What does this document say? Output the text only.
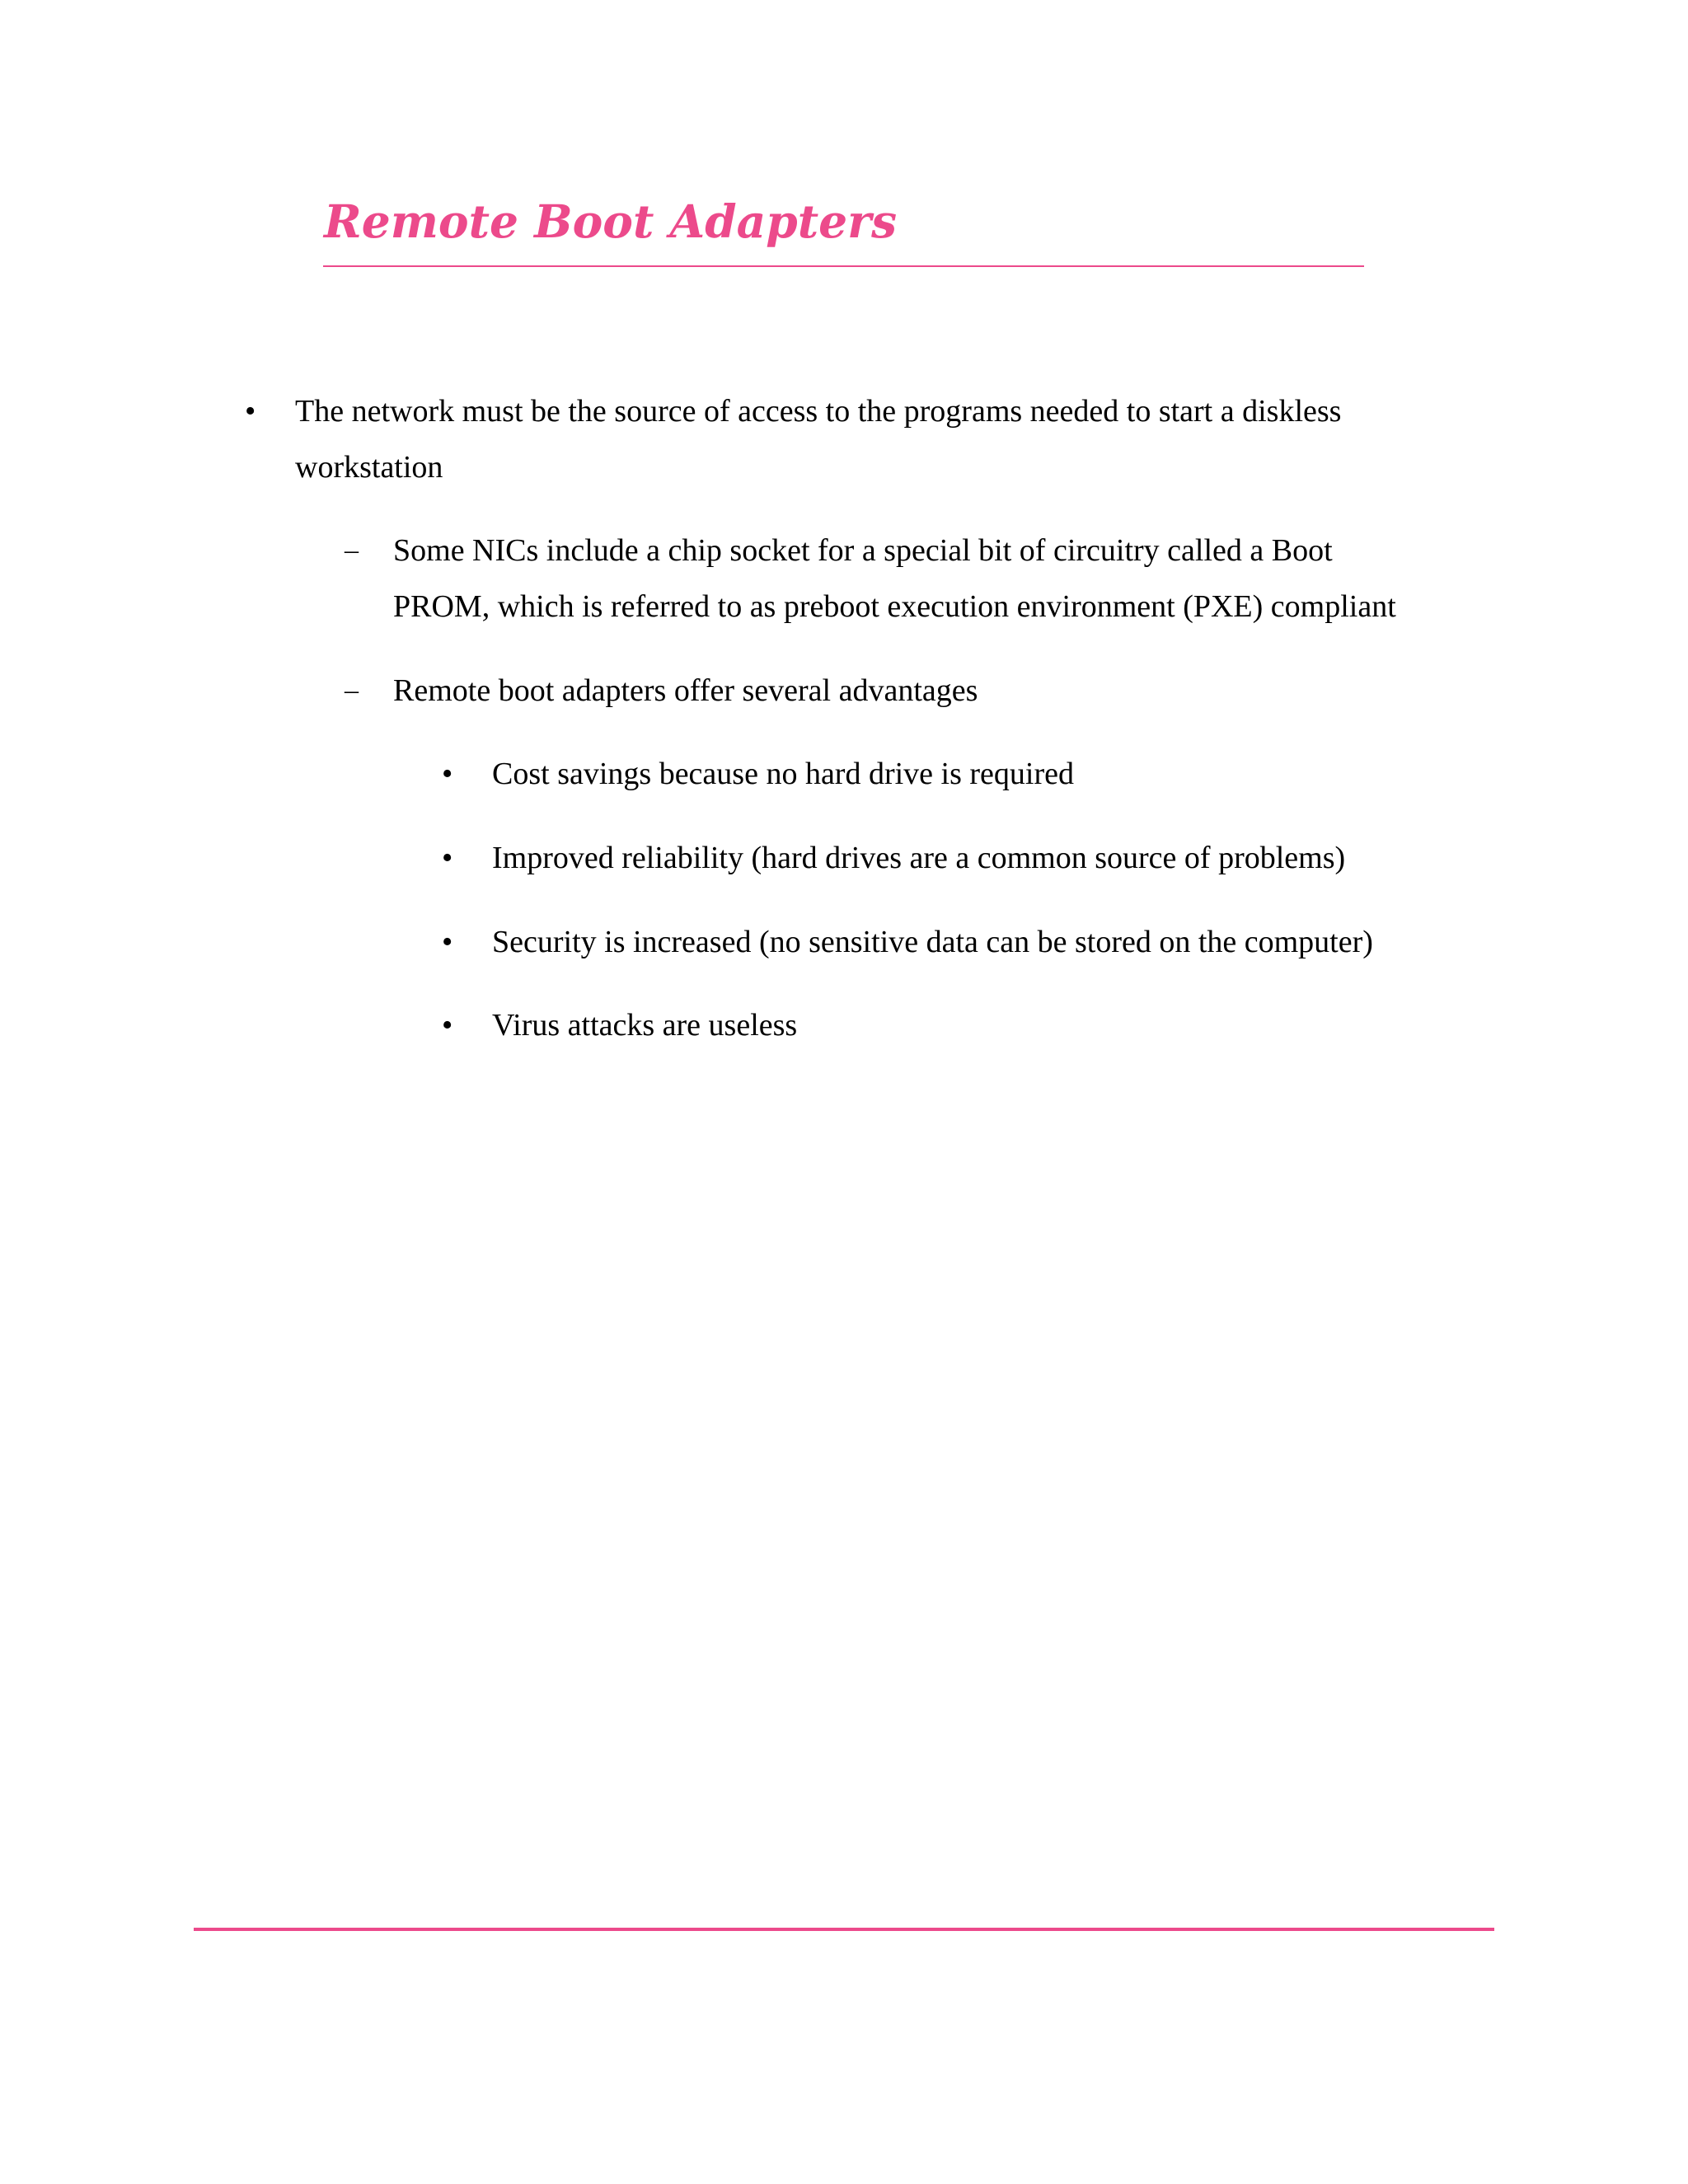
Remote Boot Adapters
• The network must be the source of access to the programs needed to start a diskless
workstation
– Some NICs include a chip socket for a special bit of circuitry called a Boot
PROM, which is referred to as preboot execution environment (PXE) compliant
– Remote boot adapters offer several advantages
• Cost savings because no hard drive is required
• Improved reliability (hard drives are a common source of problems)
• Security is increased (no sensitive data can be stored on the computer)
• Virus attacks are useless
